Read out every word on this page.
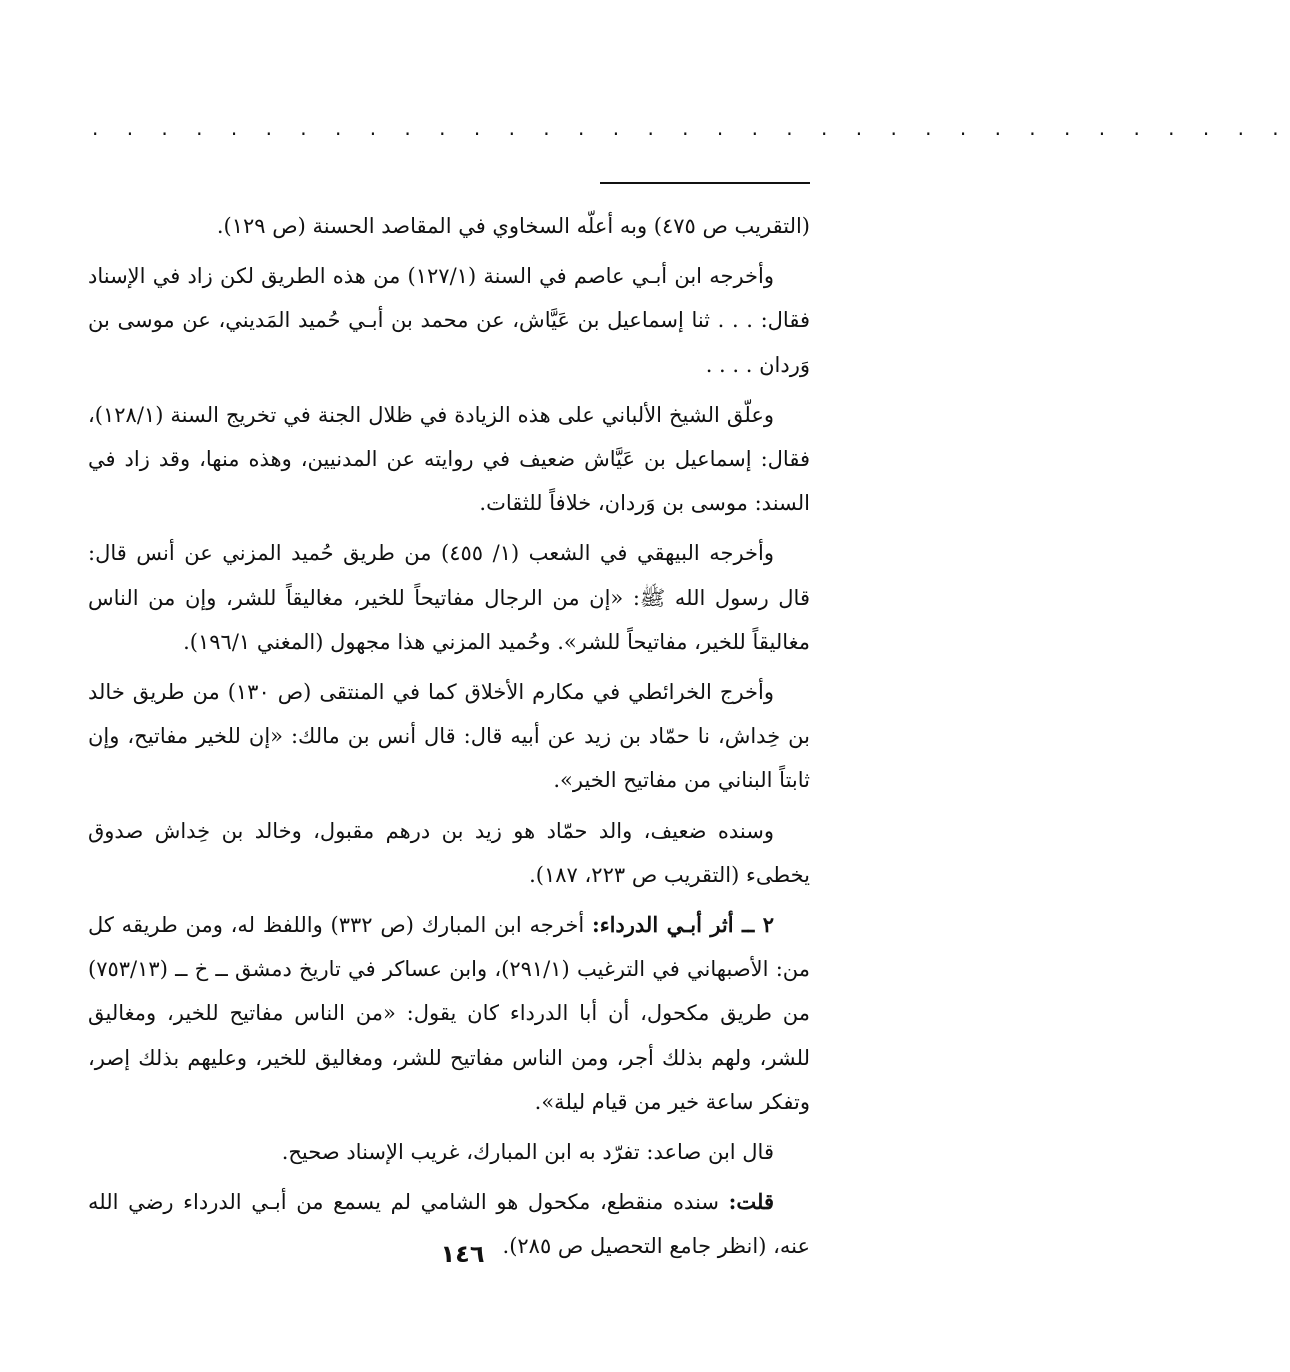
. . . . . . . . . . . . . . . . . . . . . . . . . . . . . . . . . . .

(التقريب ص ٤٧٥) وبه أعلّه السخاوي في المقاصد الحسنة (ص ١٢٩).

وأخرجه ابن أبـي عاصم في السنة (١٢٧/١) من هذه الطريق لكن زاد في الإسناد فقال: . . . ثنا إسماعيل بن عَيَّاش، عن محمد بن أبـي حُميد المَديني، عن موسى بن وَردان . . . .

وعلّق الشيخ الألباني على هذه الزيادة في ظلال الجنة في تخريج السنة (١٢٨/١)، فقال: إسماعيل بن عَيَّاش ضعيف في روايته عن المدنيين، وهذه منها، وقد زاد في السند: موسى بن وَردان، خلافاً للثقات.

وأخرجه البيهقي في الشعب (١/ ٤٥٥) من طريق حُميد المزني عن أنس قال: قال رسول الله ﷺ: «إن من الرجال مفاتيحاً للخير، مغاليقاً للشر، وإن من الناس مغاليقاً للخير، مفاتيحاً للشر». وحُميد المزني هذا مجهول (المغني ١٩٦/١).

وأخرج الخرائطي في مكارم الأخلاق كما في المنتقى (ص ١٣٠) من طريق خالد بن خِداش، نا حمّاد بن زيد عن أبيه قال: قال أنس بن مالك: «إن للخير مفاتيح، وإن ثابتاً البناني من مفاتيح الخير».

وسنده ضعيف، والد حمّاد هو زيد بن درهم مقبول، وخالد بن خِداش صدوق يخطىء (التقريب ص ٢٢٣، ١٨٧).

٢ ــ أثر أبـي الدرداء: أخرجه ابن المبارك (ص ٣٣٢) واللفظ له، ومن طريقه كل من: الأصبهاني في الترغيب (٢٩١/١)، وابن عساكر في تاريخ دمشق ــ خ ــ (٧٥٣/١٣) من طريق مكحول، أن أبا الدرداء كان يقول: «من الناس مفاتيح للخير، ومغاليق للشر، ولهم بذلك أجر، ومن الناس مفاتيح للشر، ومغاليق للخير، وعليهم بذلك إصر، وتفكر ساعة خير من قيام ليلة».

قال ابن صاعد: تفرّد به ابن المبارك، غريب الإسناد صحيح.

قلت: سنده منقطع، مكحول هو الشامي لم يسمع من أبـي الدرداء رضي الله عنه، (انظر جامع التحصيل ص ٢٨٥).

١٤٦
